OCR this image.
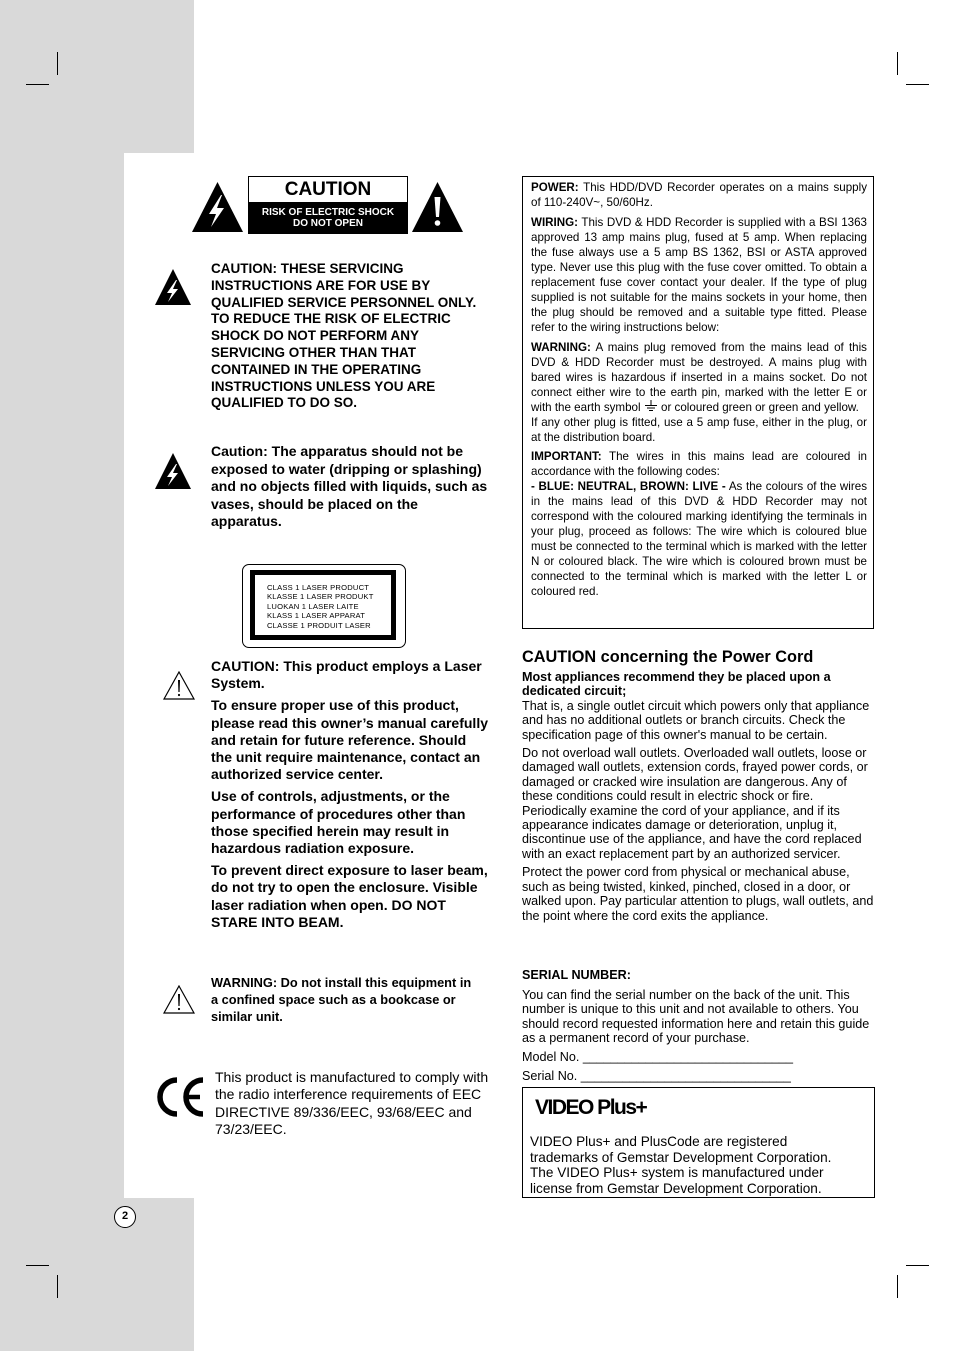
CAUTION
RISK OF ELECTRIC SHOCK
DO NOT OPEN
CAUTION: THESE SERVICING
INSTRUCTIONS ARE FOR USE BY
QUALIFIED SERVICE PERSONNEL ONLY.
TO REDUCE THE RISK OF ELECTRIC
SHOCK DO NOT PERFORM ANY
SERVICING OTHER THAN THAT
CONTAINED IN THE OPERATING
INSTRUCTIONS UNLESS YOU ARE
QUALIFIED TO DO SO.
Caution: The apparatus should not be
exposed to water (dripping or splashing)
and no objects filled with liquids, such as
vases, should be placed on the
apparatus.
CLASS 1 LASER PRODUCT
KLASSE 1 LASER PRODUKT
LUOKAN 1 LASER LAITE
KLASS 1 LASER APPARAT
CLASSE 1 PRODUIT LASER

CAUTION: This product employs a Laser
System.

To ensure proper use of this product,
please read this owner’s manual carefully
and retain for future reference. Should
the unit require maintenance, contact an
authorized service center.

Use of controls, adjustments, or the
performance of procedures other than
those specified herein may result in
hazardous radiation exposure.

To prevent direct exposure to laser beam,
do not try to open the enclosure. Visible
laser radiation when open. DO NOT
STARE INTO BEAM.

WARNING: Do not install this equipment in
a confined space such as a bookcase or
similar unit.
This product is manufactured to comply with
the radio interference requirements of EEC
DIRECTIVE 89/336/EEC, 93/68/EEC and
73/23/EEC.
2

POWER: This HDD/DVD Recorder operates on a mains supply of 110-240V~, 50/60Hz.

WIRING: This DVD & HDD Recorder is supplied with a BSI 1363 approved 13 amp mains plug, fused at 5 amp. When replacing the fuse always use a 5 amp BS 1362, BSI or ASTA approved type. Never use this plug with the fuse cover omitted. To obtain a replacement fuse cover contact your dealer. If the type of plug supplied is not suitable for the mains sockets in your home, then the plug should be removed and a suitable type fitted. Please refer to the wiring instructions below:

WARNING: A mains plug removed from the mains lead of this DVD & HDD Recorder must be destroyed. A mains plug with bared wires is hazardous if inserted in a mains socket. Do not connect either wire to the earth pin, marked with the letter E or with the earth symbol or coloured green or green and yellow.
If any other plug is fitted, use a 5 amp fuse, either in the plug, or at the distribution board.

IMPORTANT: The wires in this mains lead are coloured in accordance with the following codes:
- BLUE: NEUTRAL, BROWN: LIVE - As the colours of the wires in the mains lead of this DVD & HDD Recorder may not correspond with the coloured marking identifying the terminals in your plug, proceed as follows: The wire which is coloured blue must be connected to the terminal which is marked with the letter N or coloured black. The wire which is coloured brown must be connected to the terminal which is marked with the letter L or coloured red.

CAUTION concerning the Power Cord
Most appliances recommend they be placed upon a dedicated circuit;

That is, a single outlet circuit which powers only that appliance and has no additional outlets or branch circuits. Check the specification page of this owner's manual to be certain.

Do not overload wall outlets. Overloaded wall outlets, loose or damaged wall outlets, extension cords, frayed power cords, or damaged or cracked wire insulation are dangerous. Any of these conditions could result in electric shock or fire. Periodically examine the cord of your appliance, and if its appearance indicates damage or deterioration, unplug it, discontinue use of the appliance, and have the cord replaced with an exact replacement part by an authorized servicer.

Protect the power cord from physical or mechanical abuse, such as being twisted, kinked, pinched, closed in a door, or walked upon. Pay particular attention to plugs, wall outlets, and the point where the cord exits the appliance.

SERIAL NUMBER:
You can find the serial number on the back of the unit. This number is unique to this unit and not available to others. You should record requested information here and retain this guide as a permanent record of your purchase.
Model No. ______________________________
Serial No. ______________________________
VIDEO Plus+
VIDEO Plus+ and PlusCode are registered
trademarks of Gemstar Development Corporation.
The VIDEO Plus+ system is manufactured under
license from Gemstar Development Corporation.
